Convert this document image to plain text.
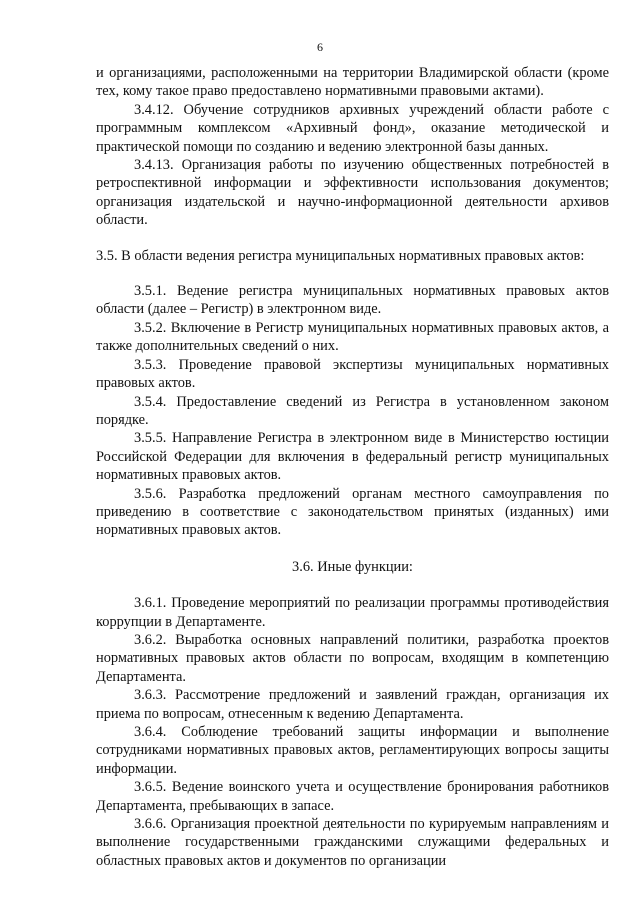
6

и организациями, расположенными на территории Владимирской области (кроме тех, кому такое право предоставлено нормативными правовыми актами).

3.4.12. Обучение сотрудников архивных учреждений области работе с программным комплексом «Архивный фонд», оказание методической и практической помощи по созданию и ведению электронной базы данных.

3.4.13. Организация работы по изучению общественных потребностей в ретроспективной информации и эффективности использования документов; организация издательской и научно-информационной деятельности архивов области.

3.5. В области ведения регистра муниципальных нормативных правовых актов:

3.5.1. Ведение регистра муниципальных нормативных правовых актов области (далее – Регистр) в электронном виде.

3.5.2. Включение в Регистр муниципальных нормативных правовых актов, а также дополнительных сведений о них.

3.5.3. Проведение правовой экспертизы муниципальных нормативных правовых актов.

3.5.4. Предоставление сведений из Регистра в установленном законом порядке.

3.5.5. Направление Регистра в электронном виде в Министерство юстиции Российской Федерации для включения в федеральный регистр муниципальных нормативных правовых актов.

3.5.6. Разработка предложений органам местного самоуправления по приведению в соответствие с законодательством принятых (изданных) ими нормативных правовых актов.

3.6. Иные функции:

3.6.1. Проведение мероприятий по реализации программы противодействия коррупции в Департаменте.

3.6.2. Выработка основных направлений политики, разработка проектов нормативных правовых актов области по вопросам, входящим в компетенцию Департамента.

3.6.3. Рассмотрение предложений и заявлений граждан, организация их приема по вопросам, отнесенным к ведению Департамента.

3.6.4. Соблюдение требований защиты информации и выполнение сотрудниками нормативных правовых актов, регламентирующих вопросы защиты информации.

3.6.5. Ведение воинского учета и осуществление бронирования работников Департамента, пребывающих в запасе.

3.6.6. Организация проектной деятельности по курируемым направлениям и выполнение государственными гражданскими служащими федеральных и областных правовых актов и документов по организации
